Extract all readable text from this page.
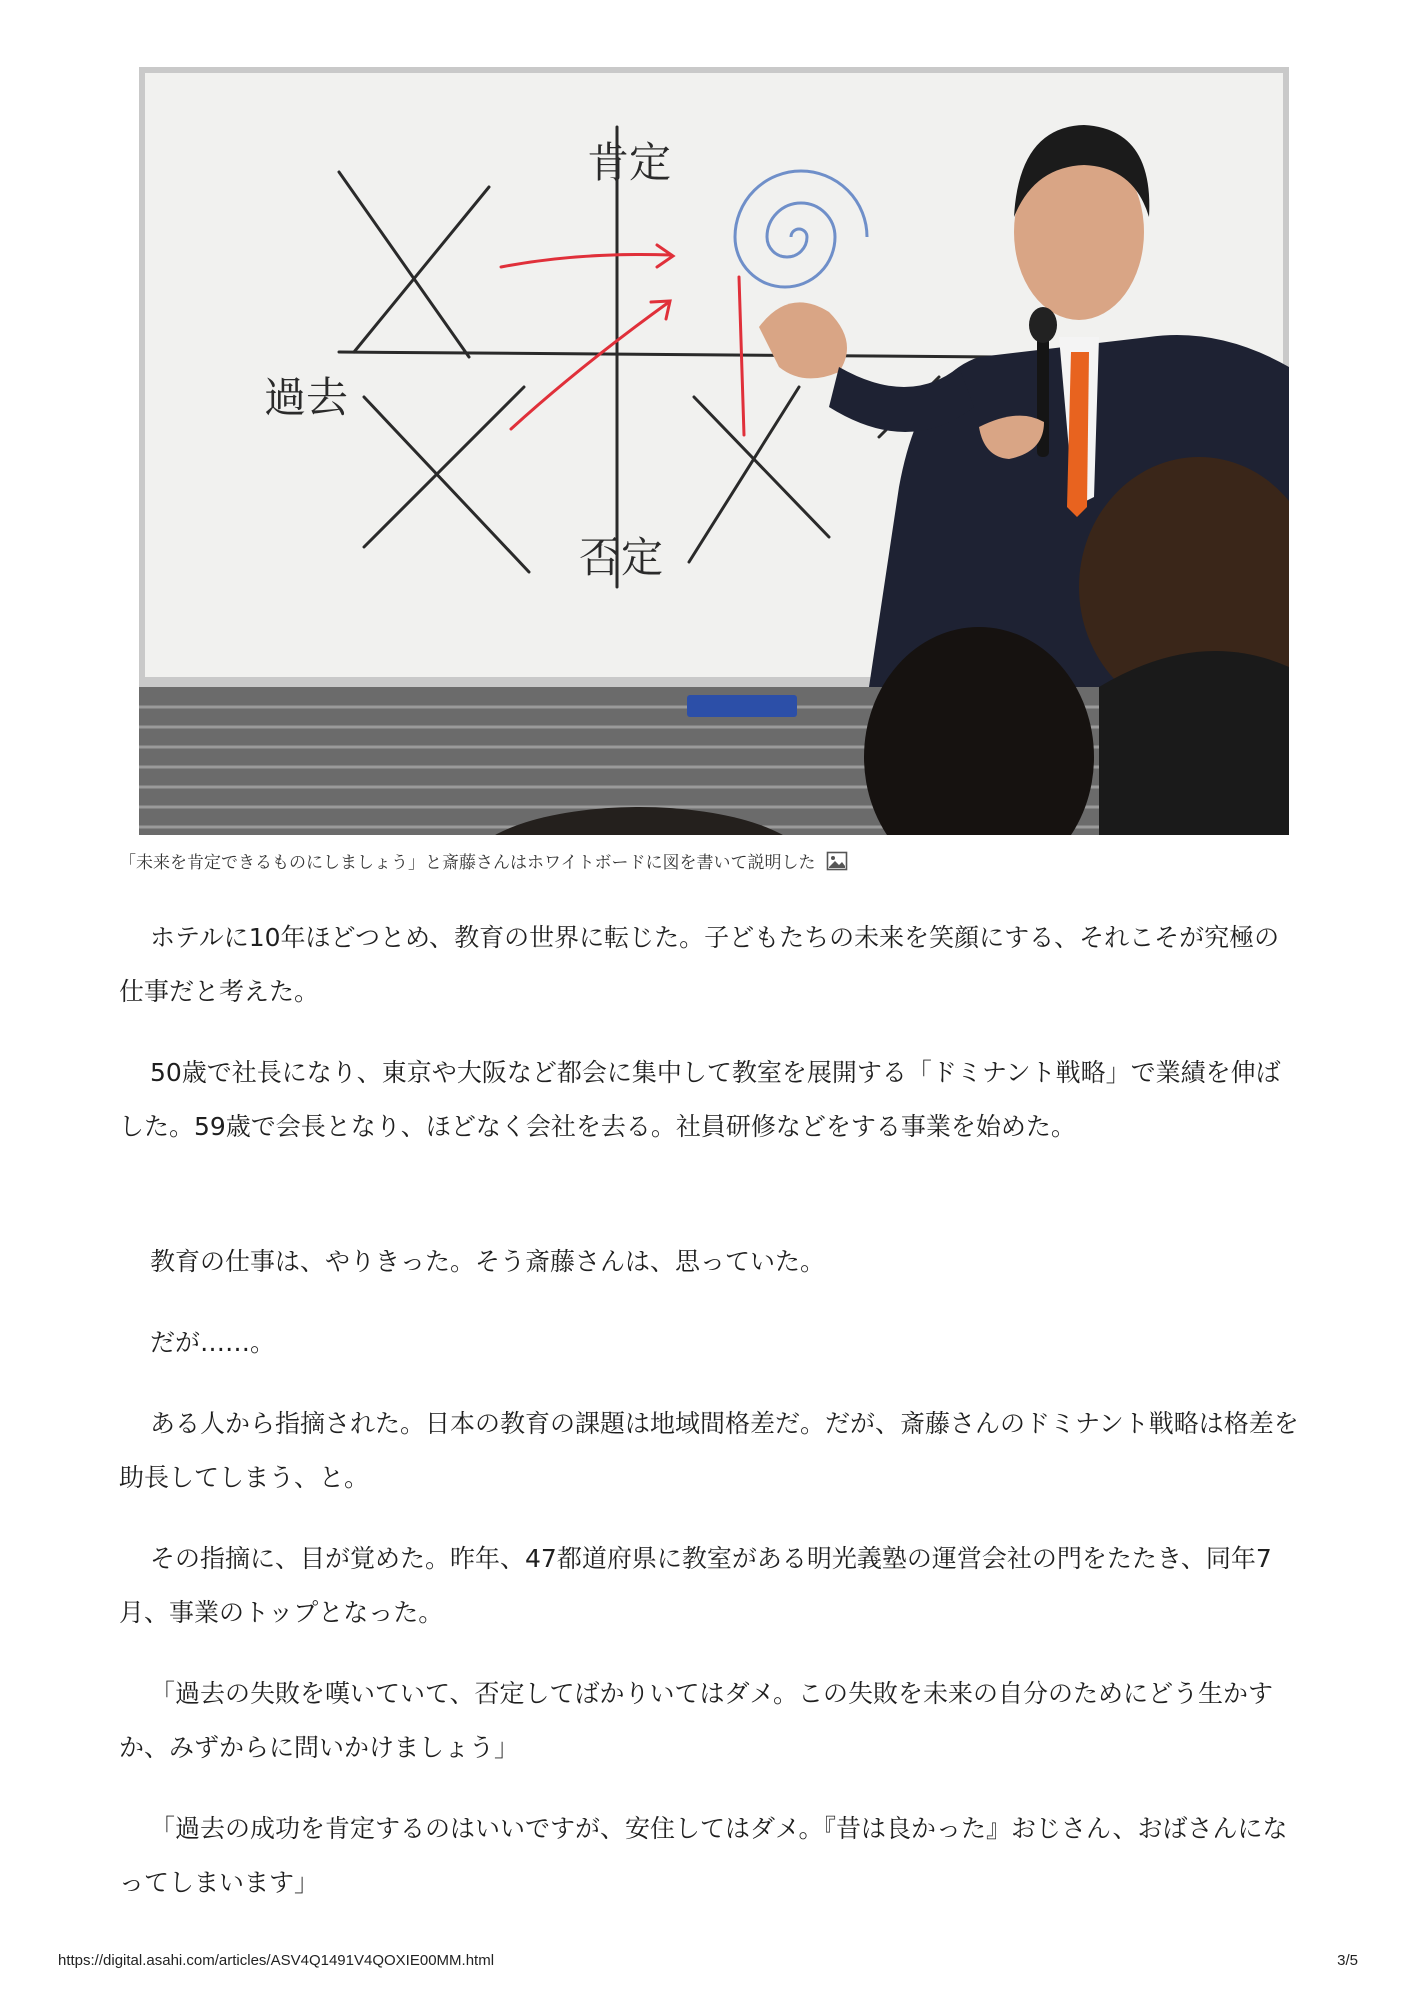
肯定
過去
否定
「未来を肯定できるものにしましょう」と斎藤さんはホワイトボードに図を書いて説明した

ホテルに10年ほどつとめ、教育の世界に転じた。子どもたちの未来を笑顔にする、それこそが究極の仕事だと考えた。

50歳で社長になり、東京や大阪など都会に集中して教室を展開する「ドミナント戦略」で業績を伸ばした。59歳で会長となり、ほどなく会社を去る。社員研修などをする事業を始めた。

教育の仕事は、やりきった。そう斎藤さんは、思っていた。

だが……。

ある人から指摘された。日本の教育の課題は地域間格差だ。だが、斎藤さんのドミナント戦略は格差を助長してしまう、と。

その指摘に、目が覚めた。昨年、47都道府県に教室がある明光義塾の運営会社の門をたたき、同年7月、事業のトップとなった。

「過去の失敗を嘆いていて、否定してばかりいてはダメ。この失敗を未来の自分のためにどう生かすか、みずからに問いかけましょう」

「過去の成功を肯定するのはいいですが、安住してはダメ。『昔は良かった』おじさん、おばさんになってしまいます」

https://digital.asahi.com/articles/ASV4Q1491V4QOXIE00MM.html	3/5
